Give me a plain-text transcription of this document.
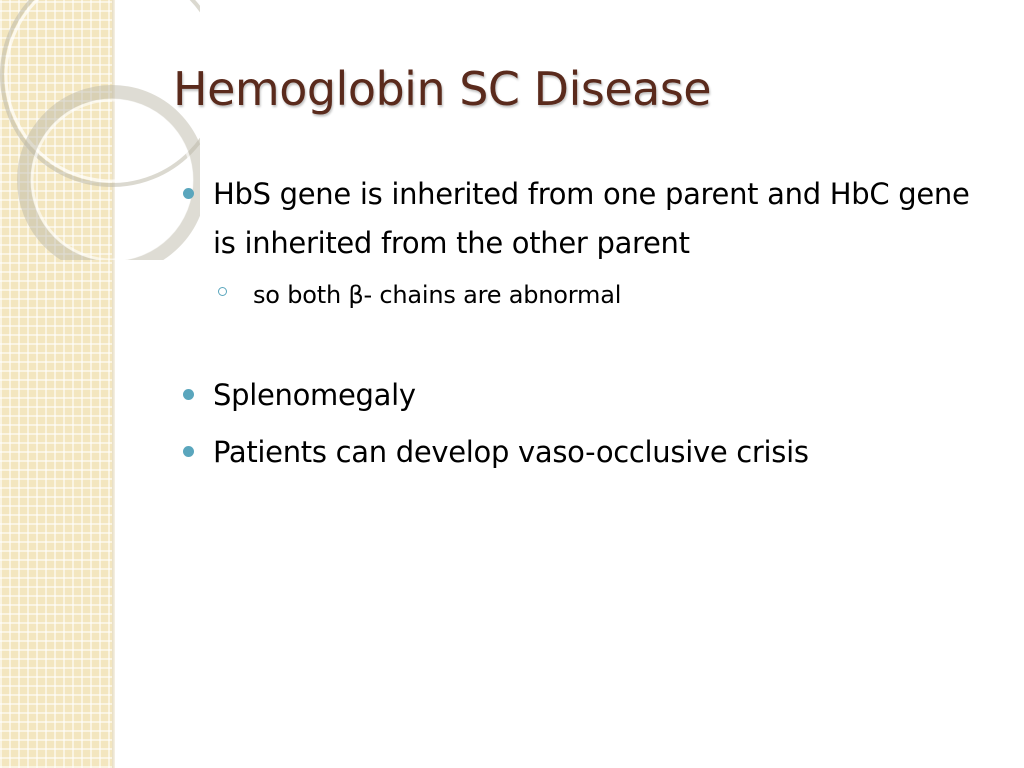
Hemoglobin SC Disease
HbS gene is inherited from one parent and HbC gene is inherited from the other parent
so both β- chains are abnormal
Splenomegaly
Patients can develop vaso-occlusive crisis
